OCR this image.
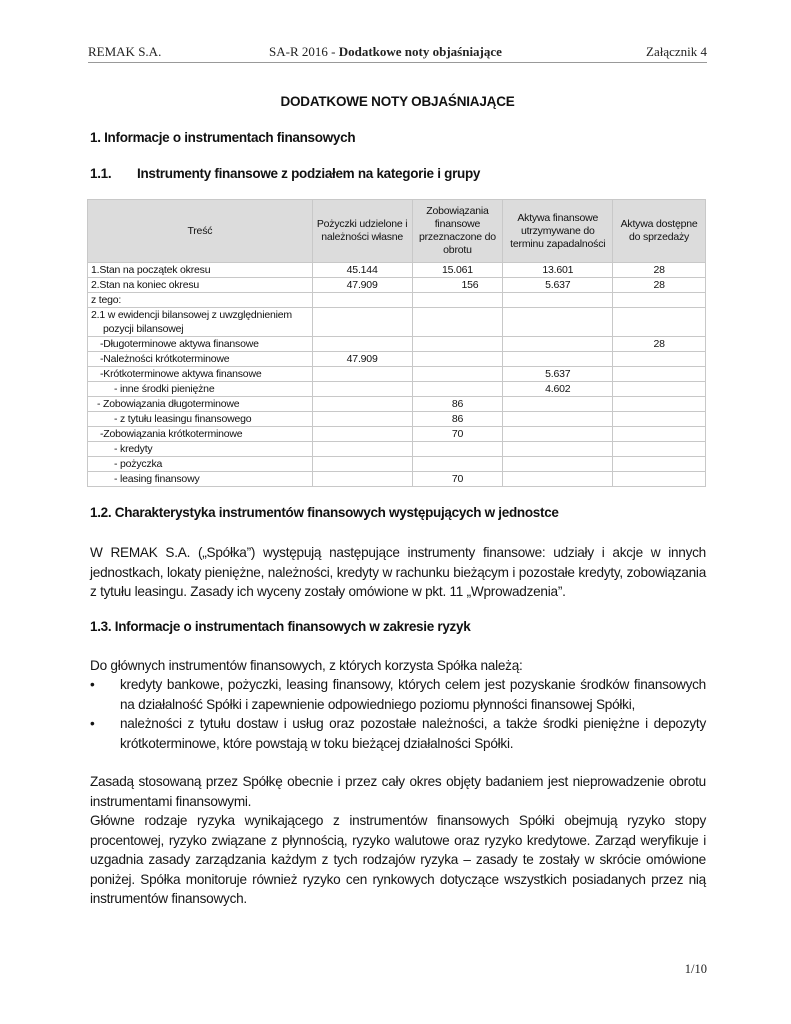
REMAK S.A.	SA-R 2016 - Dodatkowe noty objaśniające	Załącznik 4
DODATKOWE NOTY OBJAŚNIAJĄCE
1. Informacje o instrumentach finansowych
1.1. Instrumenty finansowe z podziałem na kategorie i grupy
Treść	Pożyczki udzielone i należności własne	Zobowiązania finansowe przeznaczone do obrotu	Aktywa finansowe utrzymywane do terminu zapadalności	Aktywa dostępne do sprzedaży
1.Stan na początek okresu	45.144	15.061	13.601	28
2.Stan na koniec okresu	47.909	156	5.637	28
z tego:				
2.1 w ewidencji bilansowej z uwzględnieniem pozycji bilansowej				
-Długoterminowe aktywa finansowe				28
-Należności krótkoterminowe	47.909			
-Krótkoterminowe aktywa finansowe			5.637	
- inne środki pieniężne			4.602	
- Zobowiązania długoterminowe		86		
- z tytułu leasingu finansowego		86		
-Zobowiązania krótkoterminowe		70		
- kredyty				
- pożyczka				
- leasing finansowy		70		
1.2. Charakterystyka instrumentów finansowych występujących w jednostce
W REMAK S.A. („Spółka”) występują następujące instrumenty finansowe: udziały i akcje w innych jednostkach, lokaty pieniężne, należności, kredyty w rachunku bieżącym i pozostałe kredyty, zobowiązania z tytułu leasingu. Zasady ich wyceny zostały omówione w pkt. 11 „Wprowadzenia”.
1.3. Informacje o instrumentach finansowych w zakresie ryzyk
Do głównych instrumentów finansowych, z których korzysta Spółka należą:
•	kredyty bankowe, pożyczki, leasing finansowy, których celem jest pozyskanie środków finansowych na działalność Spółki i zapewnienie odpowiedniego poziomu płynności finansowej Spółki,
•	należności z tytułu dostaw i usług oraz pozostałe należności, a także środki pieniężne i depozyty krótkoterminowe, które powstają w toku bieżącej działalności Spółki.
Zasadą stosowaną przez Spółkę obecnie i przez cały okres objęty badaniem jest nieprowadzenie obrotu instrumentami finansowymi.
Główne rodzaje ryzyka wynikającego z instrumentów finansowych Spółki obejmują ryzyko stopy procentowej, ryzyko związane z płynnością, ryzyko walutowe oraz ryzyko kredytowe. Zarząd weryfikuje i uzgadnia zasady zarządzania każdym z tych rodzajów ryzyka – zasady te zostały w skrócie omówione poniżej. Spółka monitoruje również ryzyko cen rynkowych dotyczące wszystkich posiadanych przez nią instrumentów finansowych.
1/10
